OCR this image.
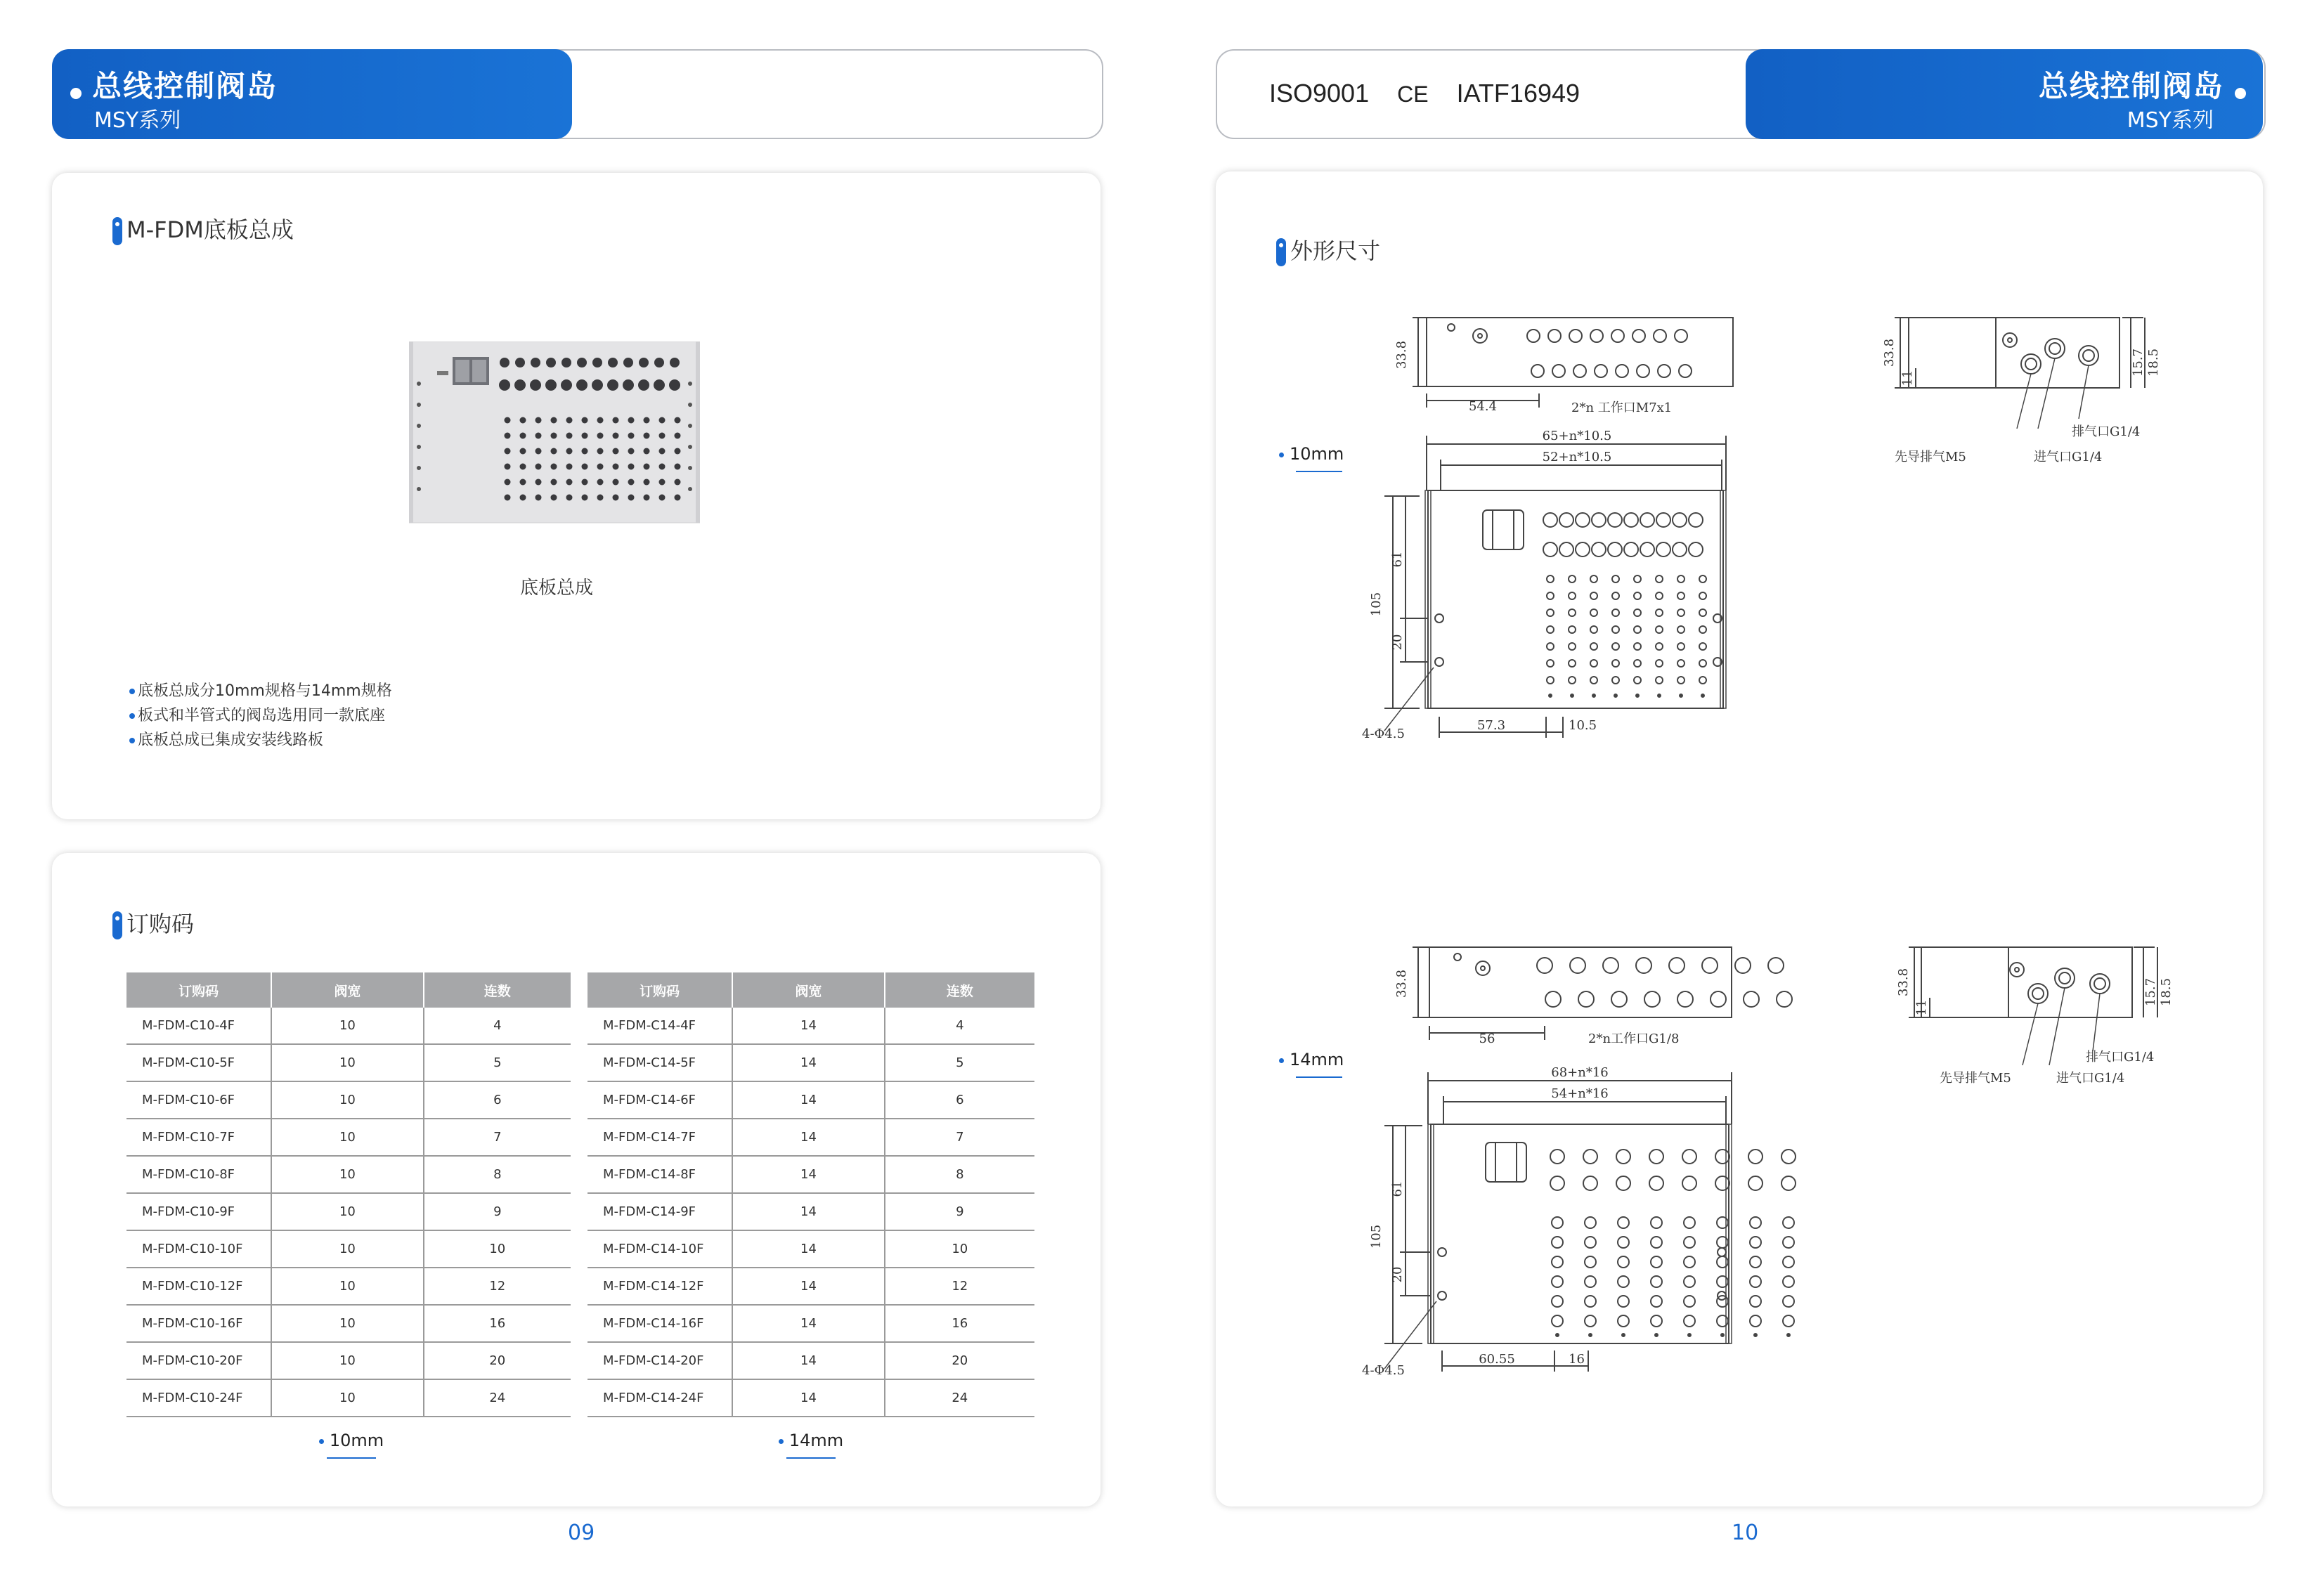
总线控制阀岛
MSY系列
M-FDM底板总成
底板总成
底板总成分10mm规格与14mm规格
板式和半管式的阀岛选用同一款底座
底板总成已集成安装线路板
订购码
订购码	阀宽	连数
M-FDM-C10-4F	10	4
M-FDM-C10-5F	10	5
M-FDM-C10-6F	10	6
M-FDM-C10-7F	10	7
M-FDM-C10-8F	10	8
M-FDM-C10-9F	10	9
M-FDM-C10-10F	10	10
M-FDM-C10-12F	10	12
M-FDM-C10-16F	10	16
M-FDM-C10-20F	10	20
M-FDM-C10-24F	10	24
订购码	阀宽	连数
M-FDM-C14-4F	14	4
M-FDM-C14-5F	14	5
M-FDM-C14-6F	14	6
M-FDM-C14-7F	14	7
M-FDM-C14-8F	14	8
M-FDM-C14-9F	14	9
M-FDM-C14-10F	14	10
M-FDM-C14-12F	14	12
M-FDM-C14-16F	14	16
M-FDM-C14-20F	14	20
M-FDM-C14-24F	14	24
10mm	14mm
09
ISO9001 CE IATF16949	总线控制阀岛
MSY系列
外形尺寸
10mm
14mm
33.8
54.4	2*n 工作口M7x1
65+n*10.5
52+n*10.5
105
61
20
4-Φ4.5
57.3	10.5
33.8
11
15.7 18.5
排气口G1/4
进气口G1/4
先导排气M5
33.8
56	2*n工作口G1/8
68+n*16
54+n*16
105
61
20
4-Φ4.5
60.55	16
33.8
11
15.7 18.5
排气口G1/4
进气口G1/4
先导排气M5
10
